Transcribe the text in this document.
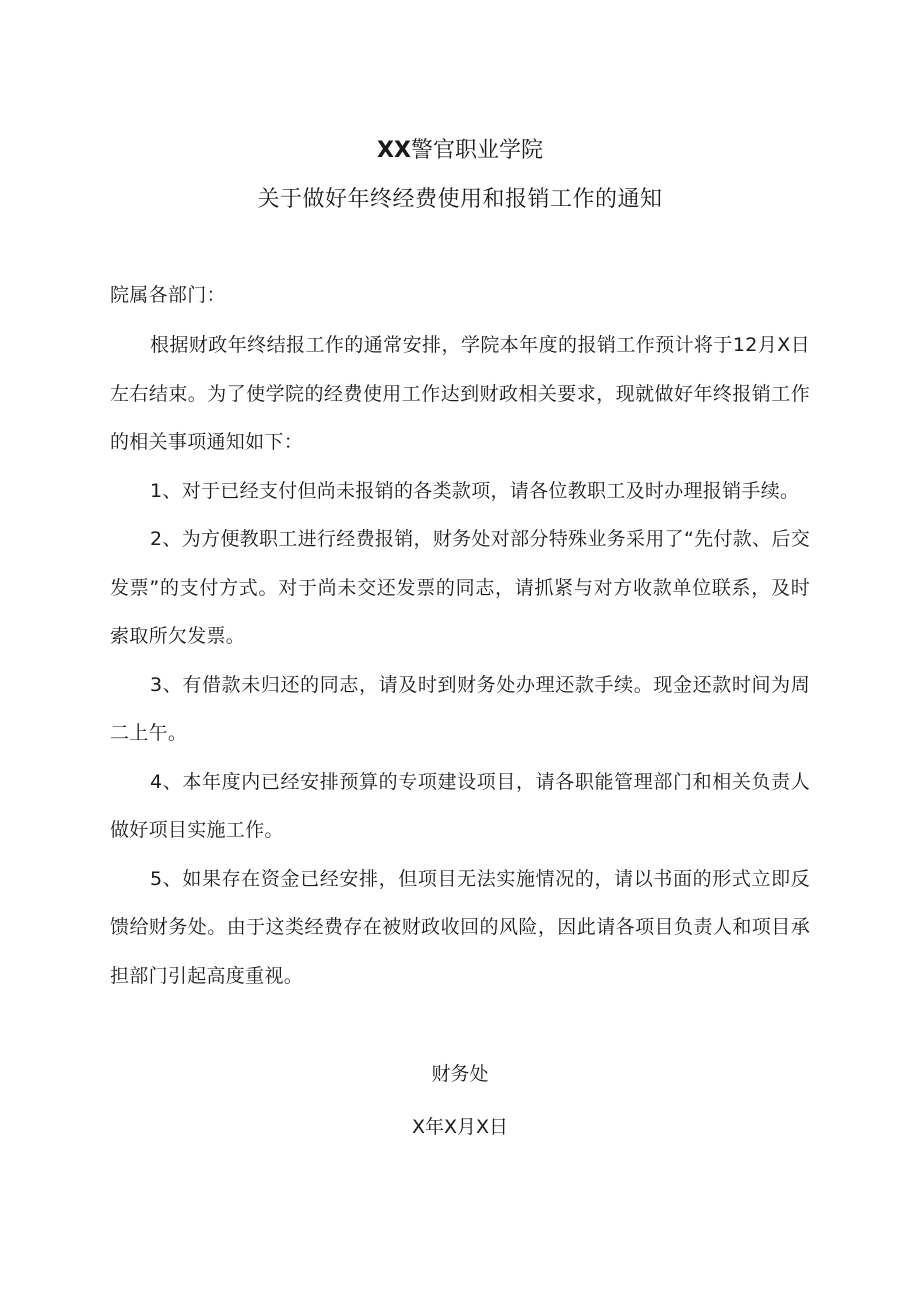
XX警官职业学院
关于做好年终经费使用和报销工作的通知
院属各部门：
根据财政年终结报工作的通常安排，学院本年度的报销工作预计将于12月X日左右结束。为了使学院的经费使用工作达到财政相关要求，现就做好年终报销工作的相关事项通知如下：
1、对于已经支付但尚未报销的各类款项，请各位教职工及时办理报销手续。
2、为方便教职工进行经费报销，财务处对部分特殊业务采用了“先付款、后交发票”的支付方式。对于尚未交还发票的同志，请抓紧与对方收款单位联系，及时索取所欠发票。
3、有借款未归还的同志，请及时到财务处办理还款手续。现金还款时间为周二上午。
4、本年度内已经安排预算的专项建设项目，请各职能管理部门和相关负责人做好项目实施工作。
5、如果存在资金已经安排，但项目无法实施情况的，请以书面的形式立即反馈给财务处。由于这类经费存在被财政收回的风险，因此请各项目负责人和项目承担部门引起高度重视。
财务处
X年X月X日
